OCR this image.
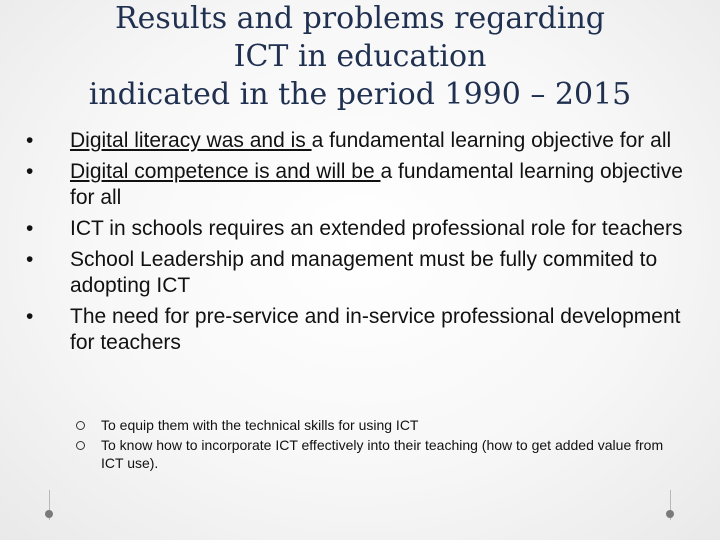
Results and problems regarding
ICT in education
indicated in the period 1990 – 2015
•	Digital literacy was and is a fundamental learning objective for all
•	Digital competence is and will be a fundamental learning objective for all
•	ICT in schools requires an extended professional role for teachers
•	School Leadership and management must be fully commited to adopting ICT
•	The need for pre-service and in-service professional development for teachers
To equip them with the technical skills for using ICT
To know how to incorporate ICT effectively into their teaching (how to get added value from ICT use).
